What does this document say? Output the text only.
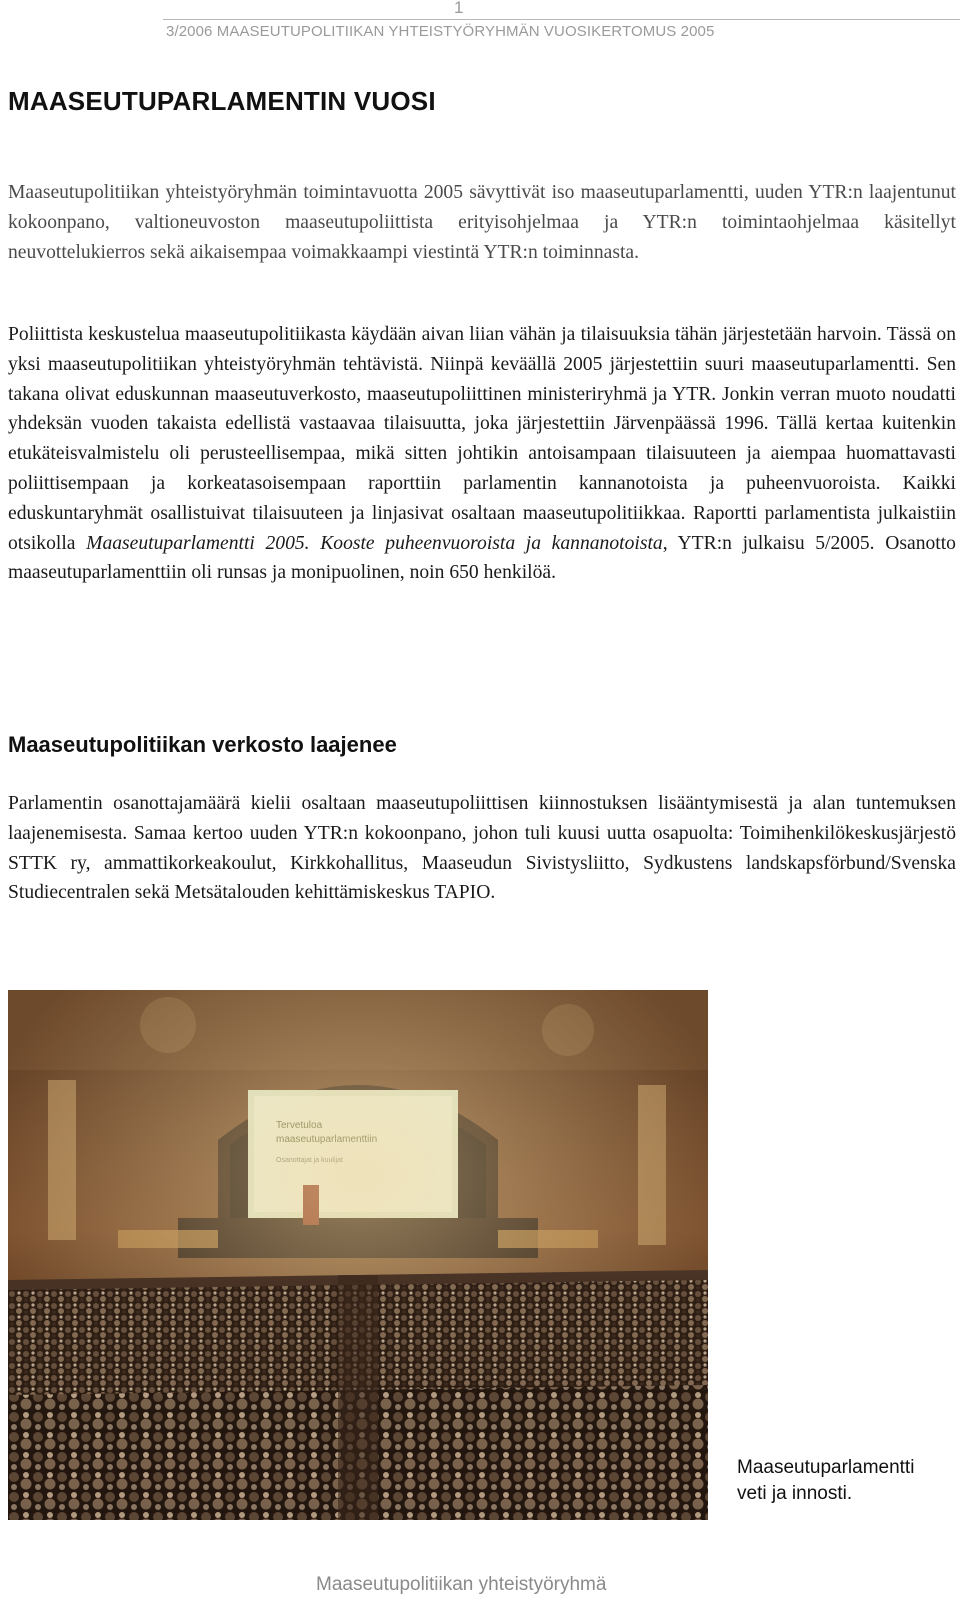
1
3/2006 MAASEUTUPOLITIIKAN YHTEISTYÖRYHMÄN VUOSIKERTOMUS 2005
MAASEUTUPARLAMENTIN VUOSI

Maaseutupolitiikan yhteistyöryhmän toimintavuotta 2005 sävyttivät iso maaseutuparlamentti, uuden YTR:n laajentunut kokoonpano, valtioneuvoston maaseutupoliittista erityisohjelmaa ja YTR:n toimintaohjelmaa käsitellyt neuvottelukierros sekä aikaisempaa voimakkaampi viestintä YTR:n toiminnasta.

Poliittista keskustelua maaseutupolitiikasta käydään aivan liian vähän ja tilaisuuksia tähän järjestetään harvoin. Tässä on yksi maaseutupolitiikan yhteistyöryhmän tehtävistä. Niinpä keväällä 2005 järjestettiin suuri maaseutuparlamentti. Sen takana olivat eduskunnan maaseutuverkosto, maaseutupoliittinen ministeriryhmä ja YTR. Jonkin verran muoto noudatti yhdeksän vuoden takaista edellistä vastaavaa tilaisuutta, joka järjestettiin Järvenpäässä 1996. Tällä kertaa kuitenkin etukäteisvalmistelu oli perusteellisempaa, mikä sitten johtikin antoisampaan tilaisuuteen ja aiempaa huomattavasti poliittisempaan ja korkeatasoisempaan raporttiin parlamentin kannanotoista ja puheenvuoroista. Kaikki eduskuntaryhmät osallistuivat tilaisuuteen ja linjasivat osaltaan maaseutupolitiikkaa. Raportti parlamentista julkaistiin otsikolla Maaseutuparlamentti 2005. Kooste puheenvuoroista ja kannanotoista, YTR:n julkaisu 5/2005. Osanotto maaseutuparlamenttiin oli runsas ja monipuolinen, noin 650 henkilöä.

Maaseutupolitiikan verkosto laajenee

Parlamentin osanottajamäärä kielii osaltaan maaseutupoliittisen kiinnostuksen lisääntymisestä ja alan tuntemuksen laajenemisesta. Samaa kertoo uuden YTR:n kokoonpano, johon tuli kuusi uutta osapuolta: Toimihenkilökeskusjärjestö STTK ry, ammattikorkeakoulut, Kirkkohallitus, Maaseudun Sivistysliitto, Sydkustens landskapsförbund/Svenska Studiecentralen sekä Metsätalouden kehittämiskeskus TAPIO.

Maaseutuparlamentti
veti ja innosti.
Maaseutupolitiikan yhteistyöryhmä
